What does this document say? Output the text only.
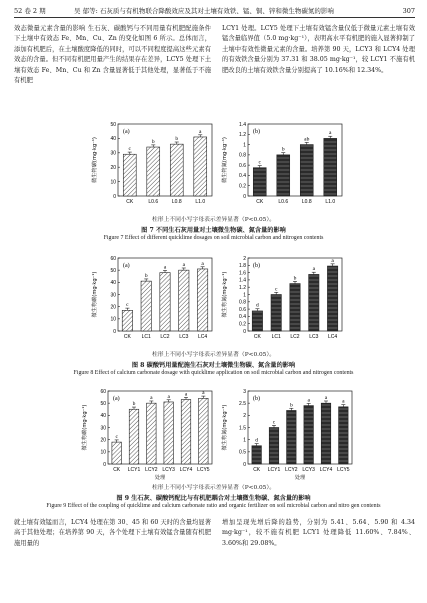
52 卷 2 期	吴 郁等: 石灰质与有机物联合降酸效应及其对土壤有效铁、锰、铜、锌和微生物碳氮的影响	307

效态微量元素含量的影响 生石灰、碳酸钙与不同用量有机肥配施条件下土壤中有效态 Fe、Mn、Cu、Zn 的变化如图 6 所示。总体而言，添加有机肥后，在土壤酸度降低的同时，可以不同程度提高这些元素有效态的含量。但不同有机肥用量产生的结果存在差异，LCY5 处理下土壤有效态 Fe、Mn、Cu 和 Zn 含量显著低于其他处理，显著低于不施有机肥

LCY1 处理。LCY5 处理下土壤有效锰含量仅低于微量元素土壤有效锰含量临界值（5.0 mg·kg⁻¹），表明高水平有机肥的施入显著抑制了土壤中有效性微量元素的含量。培养第 90 天，LCY3 和 LCY4 处理的有效铁含量分别为 37.31 和 38.05 mg·kg⁻¹，较 LCY1 不施有机肥改良的土壤有效铁含量分别提高了 10.16%和 12.34%。

0
10
20
30
40
50
微生物碳(mg·kg⁻¹)
(a)
c
CK
b
L0.6
b
L0.8
a
L1.0
0
0.2
0.4
0.6
0.8
1
1.2
1.4
微生物氮(mg·kg⁻¹)
(b)
c
CK
b
L0.6
ab
L0.8
a
L1.0

柱形上不同小写字母表示差异显著（P<0.05）。

图 7 不同生石灰用量对土壤微生物碳、氮含量的影响

Figure 7 Effect of different quicklime dosages on soil microbial carbon and nitrogen contents

0
10
20
30
40
50
60
微生物碳(mg·kg⁻¹)
(a)
c
CK
b
LC1
a
LC2
a
LC3
a
LC4
0
0.2
0.4
0.6
0.8
1
1.2
1.4
1.6
1.8
2
微生物氮(mg·kg⁻¹)
(b)
d
CK
c
LC1
b
LC2
a
LC3
a
LC4

柱形上不同小写字母表示差异显著（P<0.05）。

图 8 碳酸钙用量配施生石灰对土壤微生物碳、氮含量的影响

Figure 8 Effect of calcium carbonate dosage with quicklime application on soil microbial carbon and nitrogen contents

0
10
20
30
40
50
60
微生物碳(mg·kg⁻¹)
(a)
c
CK
b
LCY1
a
LCY2
a
LCY3
a
LCY4
a
LCY5
处理
0
0.5
1
1.5
2
2.5
3
微生物氮(mg·kg⁻¹)
(b)
d
CK
c
LCY1
b
LCY2
a
LCY3
a
LCY4
a
LCY5
处理

柱形上不同小写字母表示差异显著（P<0.05）。

图 9 生石灰、碳酸钙配比与有机肥耦合对土壤微生物碳、氮含量的影响

Figure 9 Effect of the coupling of quicklime and calcium carbonate ratio and organic fertilizer on soil microbial carbon and nitro gen contents

就土壤有效锰而言，LCY4 处理在第 30、45 和 60 天时的含量均显著高于其他处理；在培养第 90 天，各个处理下土壤有效锰含量随有机肥施用量的

增加呈现先增后降的趋势，分别为 5.41、5.64、5.90 和 4.34 mg·kg⁻¹，较不施有机肥 LCY1 处理降低 11.60%、7.84%、3.60%和 29.08%。
